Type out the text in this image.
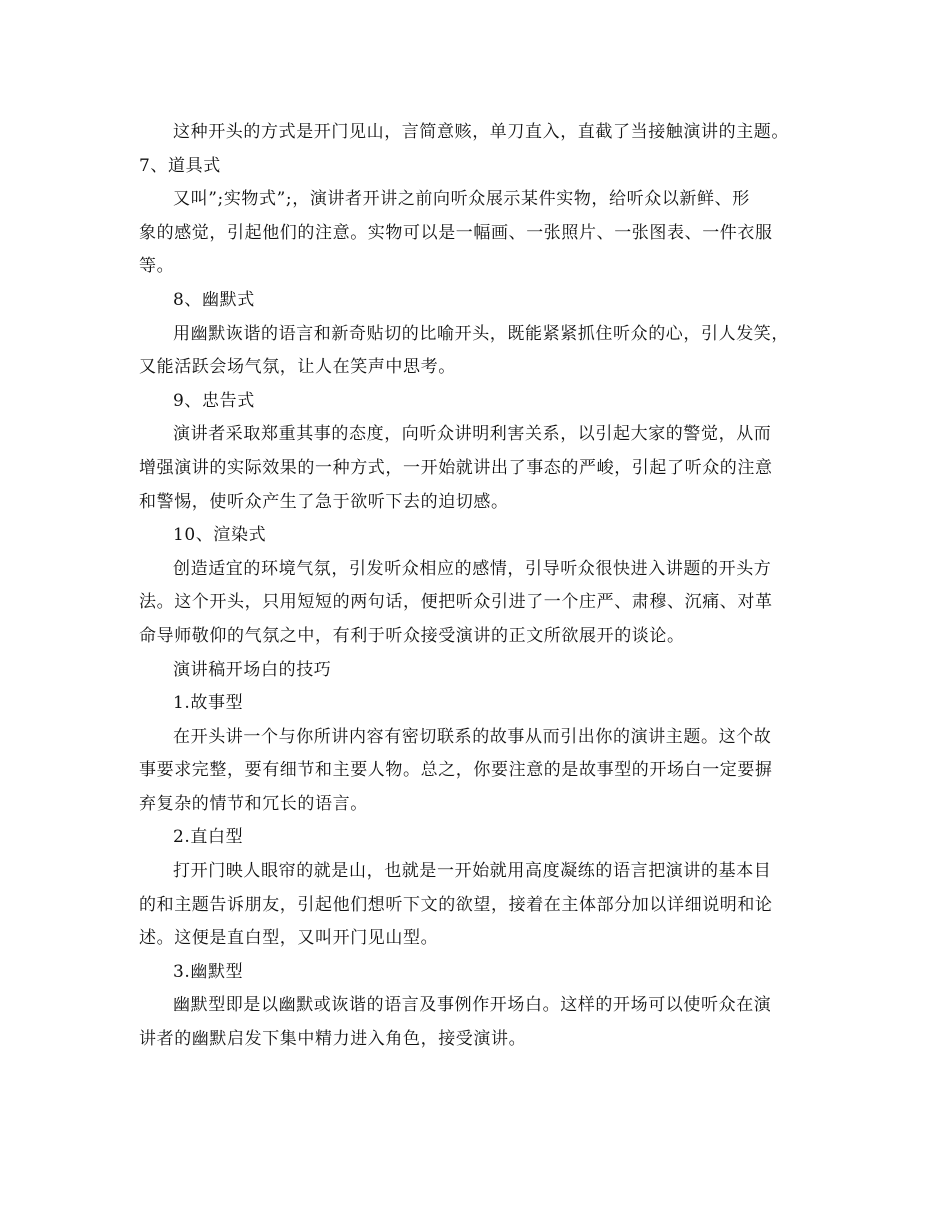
这种开头的方式是开门见山，言简意赅，单刀直入，直截了当接触演讲的主题。
7、道具式
又叫”;实物式”;，演讲者开讲之前向听众展示某件实物，给听众以新鲜、形
象的感觉，引起他们的注意。实物可以是一幅画、一张照片、一张图表、一件衣服
等。
8、幽默式
用幽默诙谐的语言和新奇贴切的比喻开头，既能紧紧抓住听众的心，引人发笑，
又能活跃会场气氛，让人在笑声中思考。
9、忠告式
演讲者采取郑重其事的态度，向听众讲明利害关系，以引起大家的警觉，从而
增强演讲的实际效果的一种方式，一开始就讲出了事态的严峻，引起了听众的注意
和警惕，使听众产生了急于欲听下去的迫切感。
10、渲染式
创造适宜的环境气氛，引发听众相应的感情，引导听众很快进入讲题的开头方
法。这个开头，只用短短的两句话，便把听众引进了一个庄严、肃穆、沉痛、对革
命导师敬仰的气氛之中，有利于听众接受演讲的正文所欲展开的谈论。
演讲稿开场白的技巧
1.故事型
在开头讲一个与你所讲内容有密切联系的故事从而引出你的演讲主题。这个故
事要求完整，要有细节和主要人物。总之，你要注意的是故事型的开场白一定要摒
弃复杂的情节和冗长的语言。
2.直白型
打开门映人眼帘的就是山，也就是一开始就用高度凝练的语言把演讲的基本目
的和主题告诉朋友，引起他们想听下文的欲望，接着在主体部分加以详细说明和论
述。这便是直白型，又叫开门见山型。
3.幽默型
幽默型即是以幽默或诙谐的语言及事例作开场白。这样的开场可以使听众在演
讲者的幽默启发下集中精力进入角色，接受演讲。
